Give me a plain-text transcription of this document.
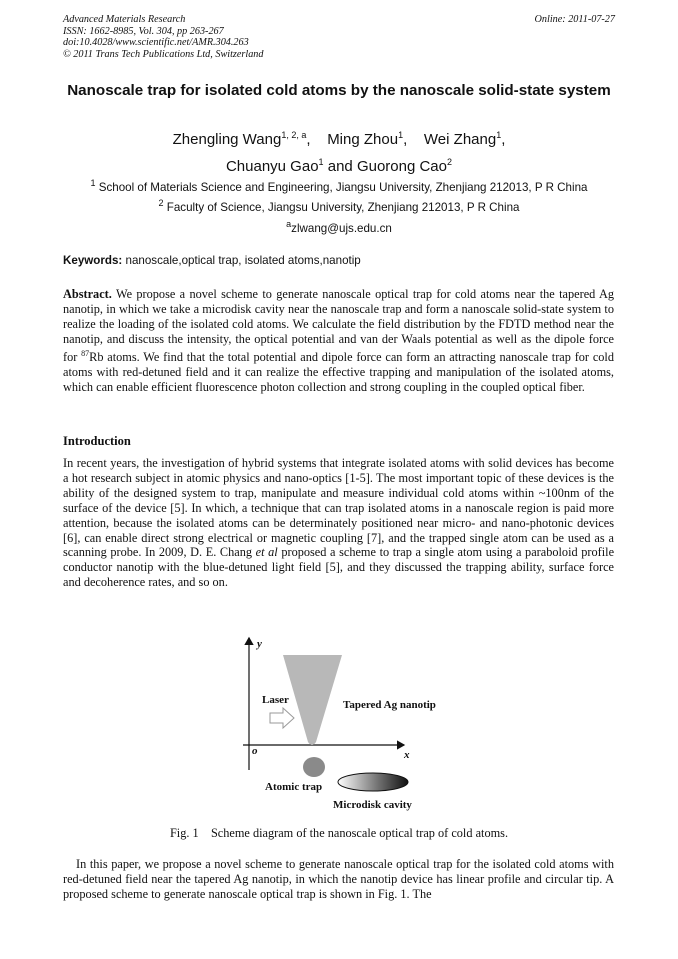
Advanced Materials Research
ISSN: 1662-8985, Vol. 304, pp 263-267
doi:10.4028/www.scientific.net/AMR.304.263
© 2011 Trans Tech Publications Ltd, Switzerland
Online: 2011-07-27
Nanoscale trap for isolated cold atoms by the nanoscale solid-state system
Zhengling Wang$^{1, 2, a}$,    Ming Zhou$^1$,    Wei Zhang$^1$,
Chuanyu Gao$^1$ and Guorong Cao$^2$
$^1$ School of Materials Science and Engineering, Jiangsu University, Zhenjiang 212013, P R China
$^2$ Faculty of Science, Jiangsu University, Zhenjiang 212013, P R China
$^a$zlwang@ujs.edu.cn
Keywords: nanoscale,optical trap, isolated atoms,nanotip
Abstract. We propose a novel scheme to generate nanoscale optical trap for cold atoms near the tapered Ag nanotip, in which we take a microdisk cavity near the nanoscale trap and form a nanoscale solid-state system to realize the loading of the isolated cold atoms. We calculate the field distribution by the FDTD method near the nanotip, and discuss the intensity, the optical potential and van der Waals potential as well as the dipole force for $^{87}$Rb atoms. We find that the total potential and dipole force can form an attracting nanoscale trap for cold atoms with red-detuned field and it can realize the effective trapping and manipulation of the isolated atoms, which can enable efficient fluorescence photon collection and strong coupling in the coupled optical fiber.
Introduction
In recent years, the investigation of hybrid systems that integrate isolated atoms with solid devices has become a hot research subject in atomic physics and nano-optics [1-5]. The most important topic of these devices is the ability of the designed system to trap, manipulate and measure individual cold atoms within ~100nm of the surface of the device [5]. In which, a technique that can trap isolated atoms in a nanoscale region is paid more attention, because the isolated atoms can be determinately positioned near micro- and nano-photonic devices [6], can enable direct strong electrical or magnetic coupling [7], and the trapped single atom can be used as a scanning probe. In 2009, D. E. Chang et al proposed a scheme to trap a single atom using a paraboloid profile conductor nanotip with the blue-detuned light field [5], and they discussed the trapping ability, surface force and decoherence rates, and so on.
y
x
o
Laser	Tapered Ag nanotip
Atomic trap
Microdisk cavity
Fig. 1 Scheme diagram of the nanoscale optical trap of cold atoms.
In this paper, we propose a novel scheme to generate nanoscale optical trap for the isolated cold atoms with red-detuned field near the tapered Ag nanotip, in which the nanotip device has linear profile and circular tip. A proposed scheme to generate nanoscale optical trap is shown in Fig. 1. The
